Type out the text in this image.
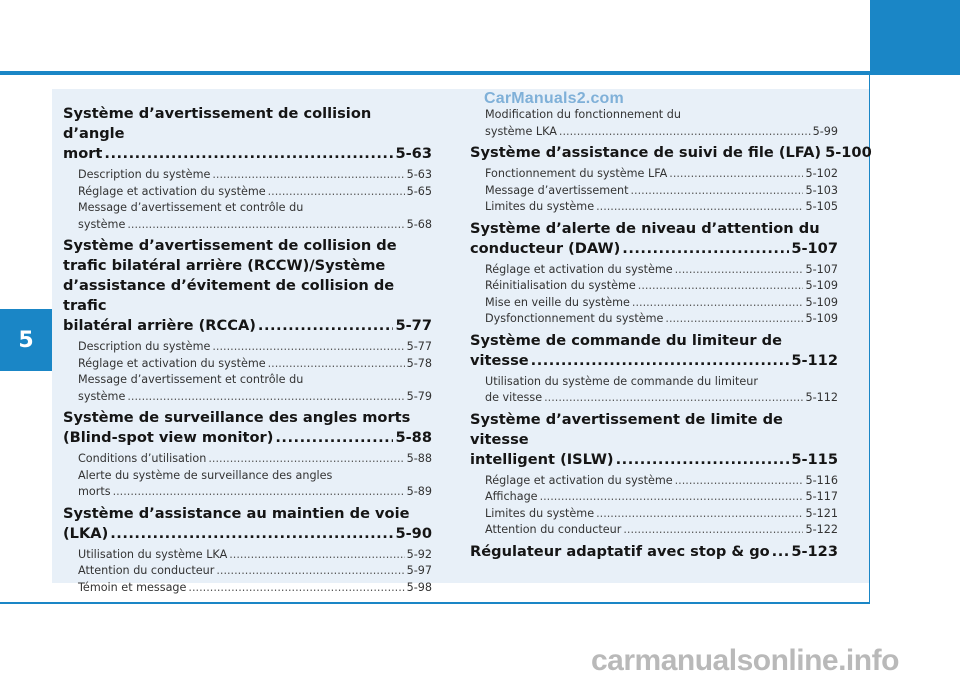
5
Système d’avertissement de collision d’angle
mort .....	5-63
Description du système .....	5-63
Réglage et activation du système .....	5-65
Message d’avertissement et contrôle du
système .....	5-68
Système d’avertissement de collision de
trafic bilatéral arrière (RCCW)/Système
d’assistance d’évitement de collision de trafic
bilatéral arrière (RCCA) .....	5-77
Description du système .....	5-77
Réglage et activation du système .....	5-78
Message d’avertissement et contrôle du
système .....	5-79
Système de surveillance des angles morts
(Blind-spot view monitor) .....	5-88
Conditions d’utilisation .....	5-88
Alerte du système de surveillance des angles
morts .....	5-89
Système d’assistance au maintien de voie
(LKA) .....	5-90
Utilisation du système LKA .....	5-92
Attention du conducteur .....	5-97
Témoin et message .....	5-98
Modification du fonctionnement du
système LKA .....	5-99
Système d’assistance de suivi de file (LFA) 5-100
Fonctionnement du système LFA .....	5-102
Message d’avertissement .....	5-103
Limites du système .....	5-105
Système d’alerte de niveau d’attention du
conducteur (DAW) .....	5-107
Réglage et activation du système .....	5-107
Réinitialisation du système .....	5-109
Mise en veille du système .....	5-109
Dysfonctionnement du système .....	5-109
Système de commande du limiteur de
vitesse .....	5-112
Utilisation du système de commande du limiteur
de vitesse .....	5-112
Système d’avertissement de limite de vitesse
intelligent (ISLW) .....	5-115
Réglage et activation du système .....	5-116
Affichage .....	5-117
Limites du système .....	5-121
Attention du conducteur .....	5-122
Régulateur adaptatif avec stop & go ..... 5-123
CarManuals2.com
carmanualsonline.info
